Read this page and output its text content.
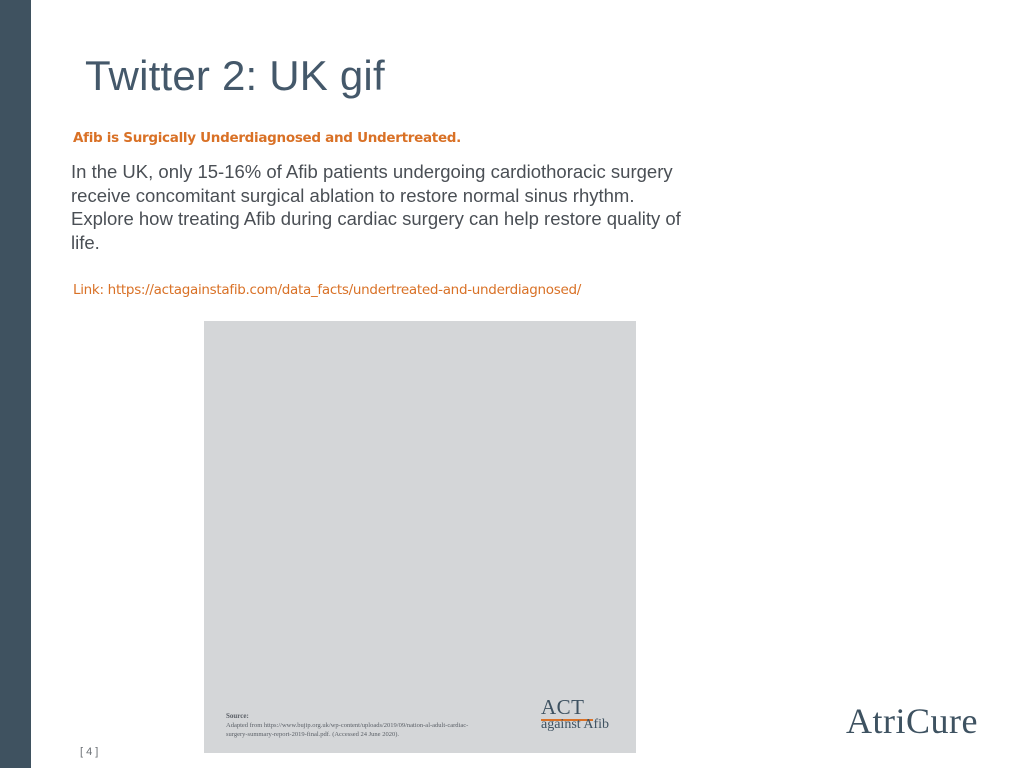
Twitter 2: UK gif
Afib is Surgically Underdiagnosed and Undertreated.
In the UK, only 15-16% of Afib patients undergoing cardiothoracic surgery receive concomitant surgical ablation to restore normal sinus rhythm. Explore how treating Afib during cardiac surgery can help restore quality of life.
Link: https://actagainstafib.com/data_facts/undertreated-and-underdiagnosed/
Source:
Adapted from https://www.bujip.org.uk/wp-content/uploads/2019/09/nation-al-adult-cardiac-surgery-summary-report-2019-final.pdf. (Accessed 24 June 2020).
ACT
against Afib
[ 4 ]
AtriCure
